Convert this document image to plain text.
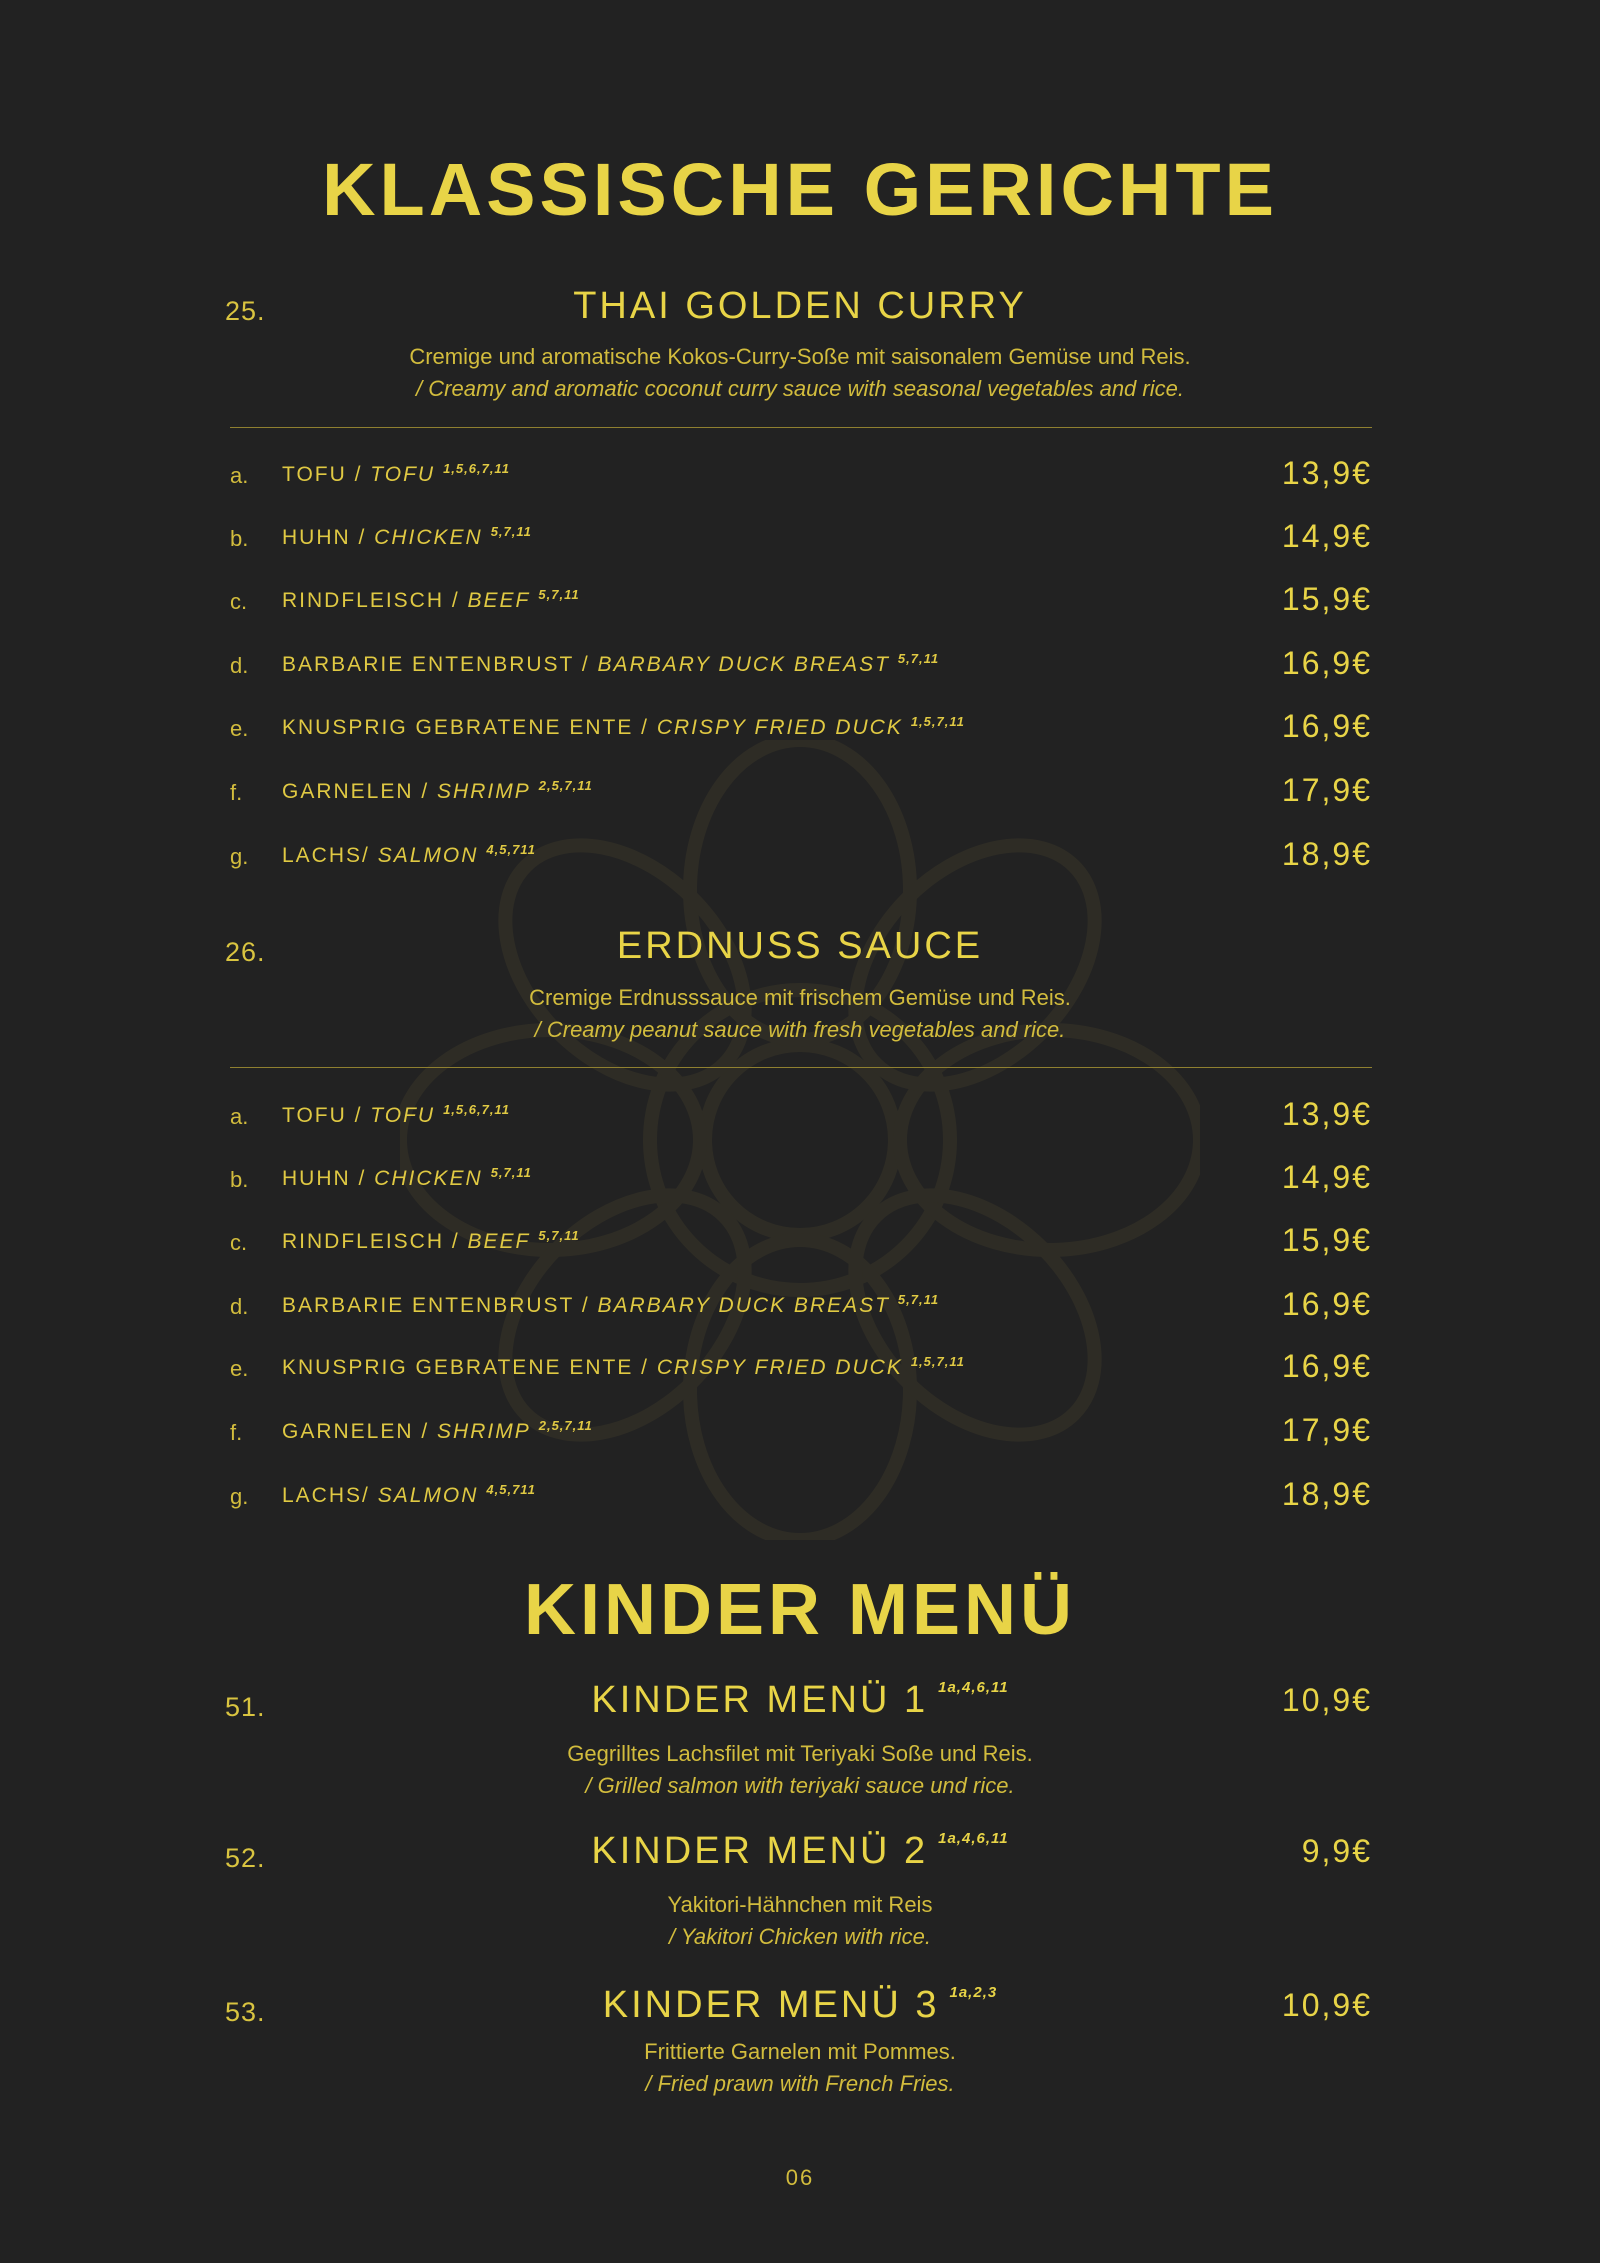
KLASSISCHE GERICHTE
25.	THAI GOLDEN CURRY
Cremige und aromatische Kokos-Curry-Soße mit saisonalem Gemüse und Reis.
/ Creamy and aromatic coconut curry sauce with seasonal vegetables and rice.
a. TOFU / TOFU $^{1,5,6,7,11}$	13,9€
b. HUHN / CHICKEN $^{5,7,11}$	14,9€
c. RINDFLEISCH / BEEF $^{5,7,11}$	15,9€
d. BARBARIE ENTENBRUST / BARBARY DUCK BREAST $^{5,7,11}$	16,9€
e. KNUSPRIG GEBRATENE ENTE / CRISPY FRIED DUCK $^{1,5,7,11}$	16,9€
f. GARNELEN / SHRIMP $^{2,5,7,11}$	17,9€
g. LACHS/ SALMON $^{4,5,711}$	18,9€
26.	ERDNUSS SAUCE
Cremige Erdnusssauce mit frischem Gemüse und Reis.
/ Creamy peanut sauce with fresh vegetables and rice.
a. TOFU / TOFU $^{1,5,6,7,11}$	13,9€
b. HUHN / CHICKEN $^{5,7,11}$	14,9€
c. RINDFLEISCH / BEEF $^{5,7,11}$	15,9€
d. BARBARIE ENTENBRUST / BARBARY DUCK BREAST $^{5,7,11}$	16,9€
e. KNUSPRIG GEBRATENE ENTE / CRISPY FRIED DUCK $^{1,5,7,11}$	16,9€
f. GARNELEN / SHRIMP $^{2,5,7,11}$	17,9€
g. LACHS/ SALMON $^{4,5,711}$	18,9€
KINDER MENÜ
51.	KINDER MENÜ 1 $^{1a,4,6,11}$	10,9€
Gegrilltes Lachsfilet mit Teriyaki Soße und Reis.
/ Grilled salmon with teriyaki sauce und rice.
52.	KINDER MENÜ 2 $^{1a,4,6,11}$	9,9€
Yakitori-Hähnchen mit Reis
/ Yakitori Chicken with rice.
53.	KINDER MENÜ 3 $^{1a,2,3}$	10,9€
Frittierte Garnelen mit Pommes.
/ Fried prawn with French Fries.
06
